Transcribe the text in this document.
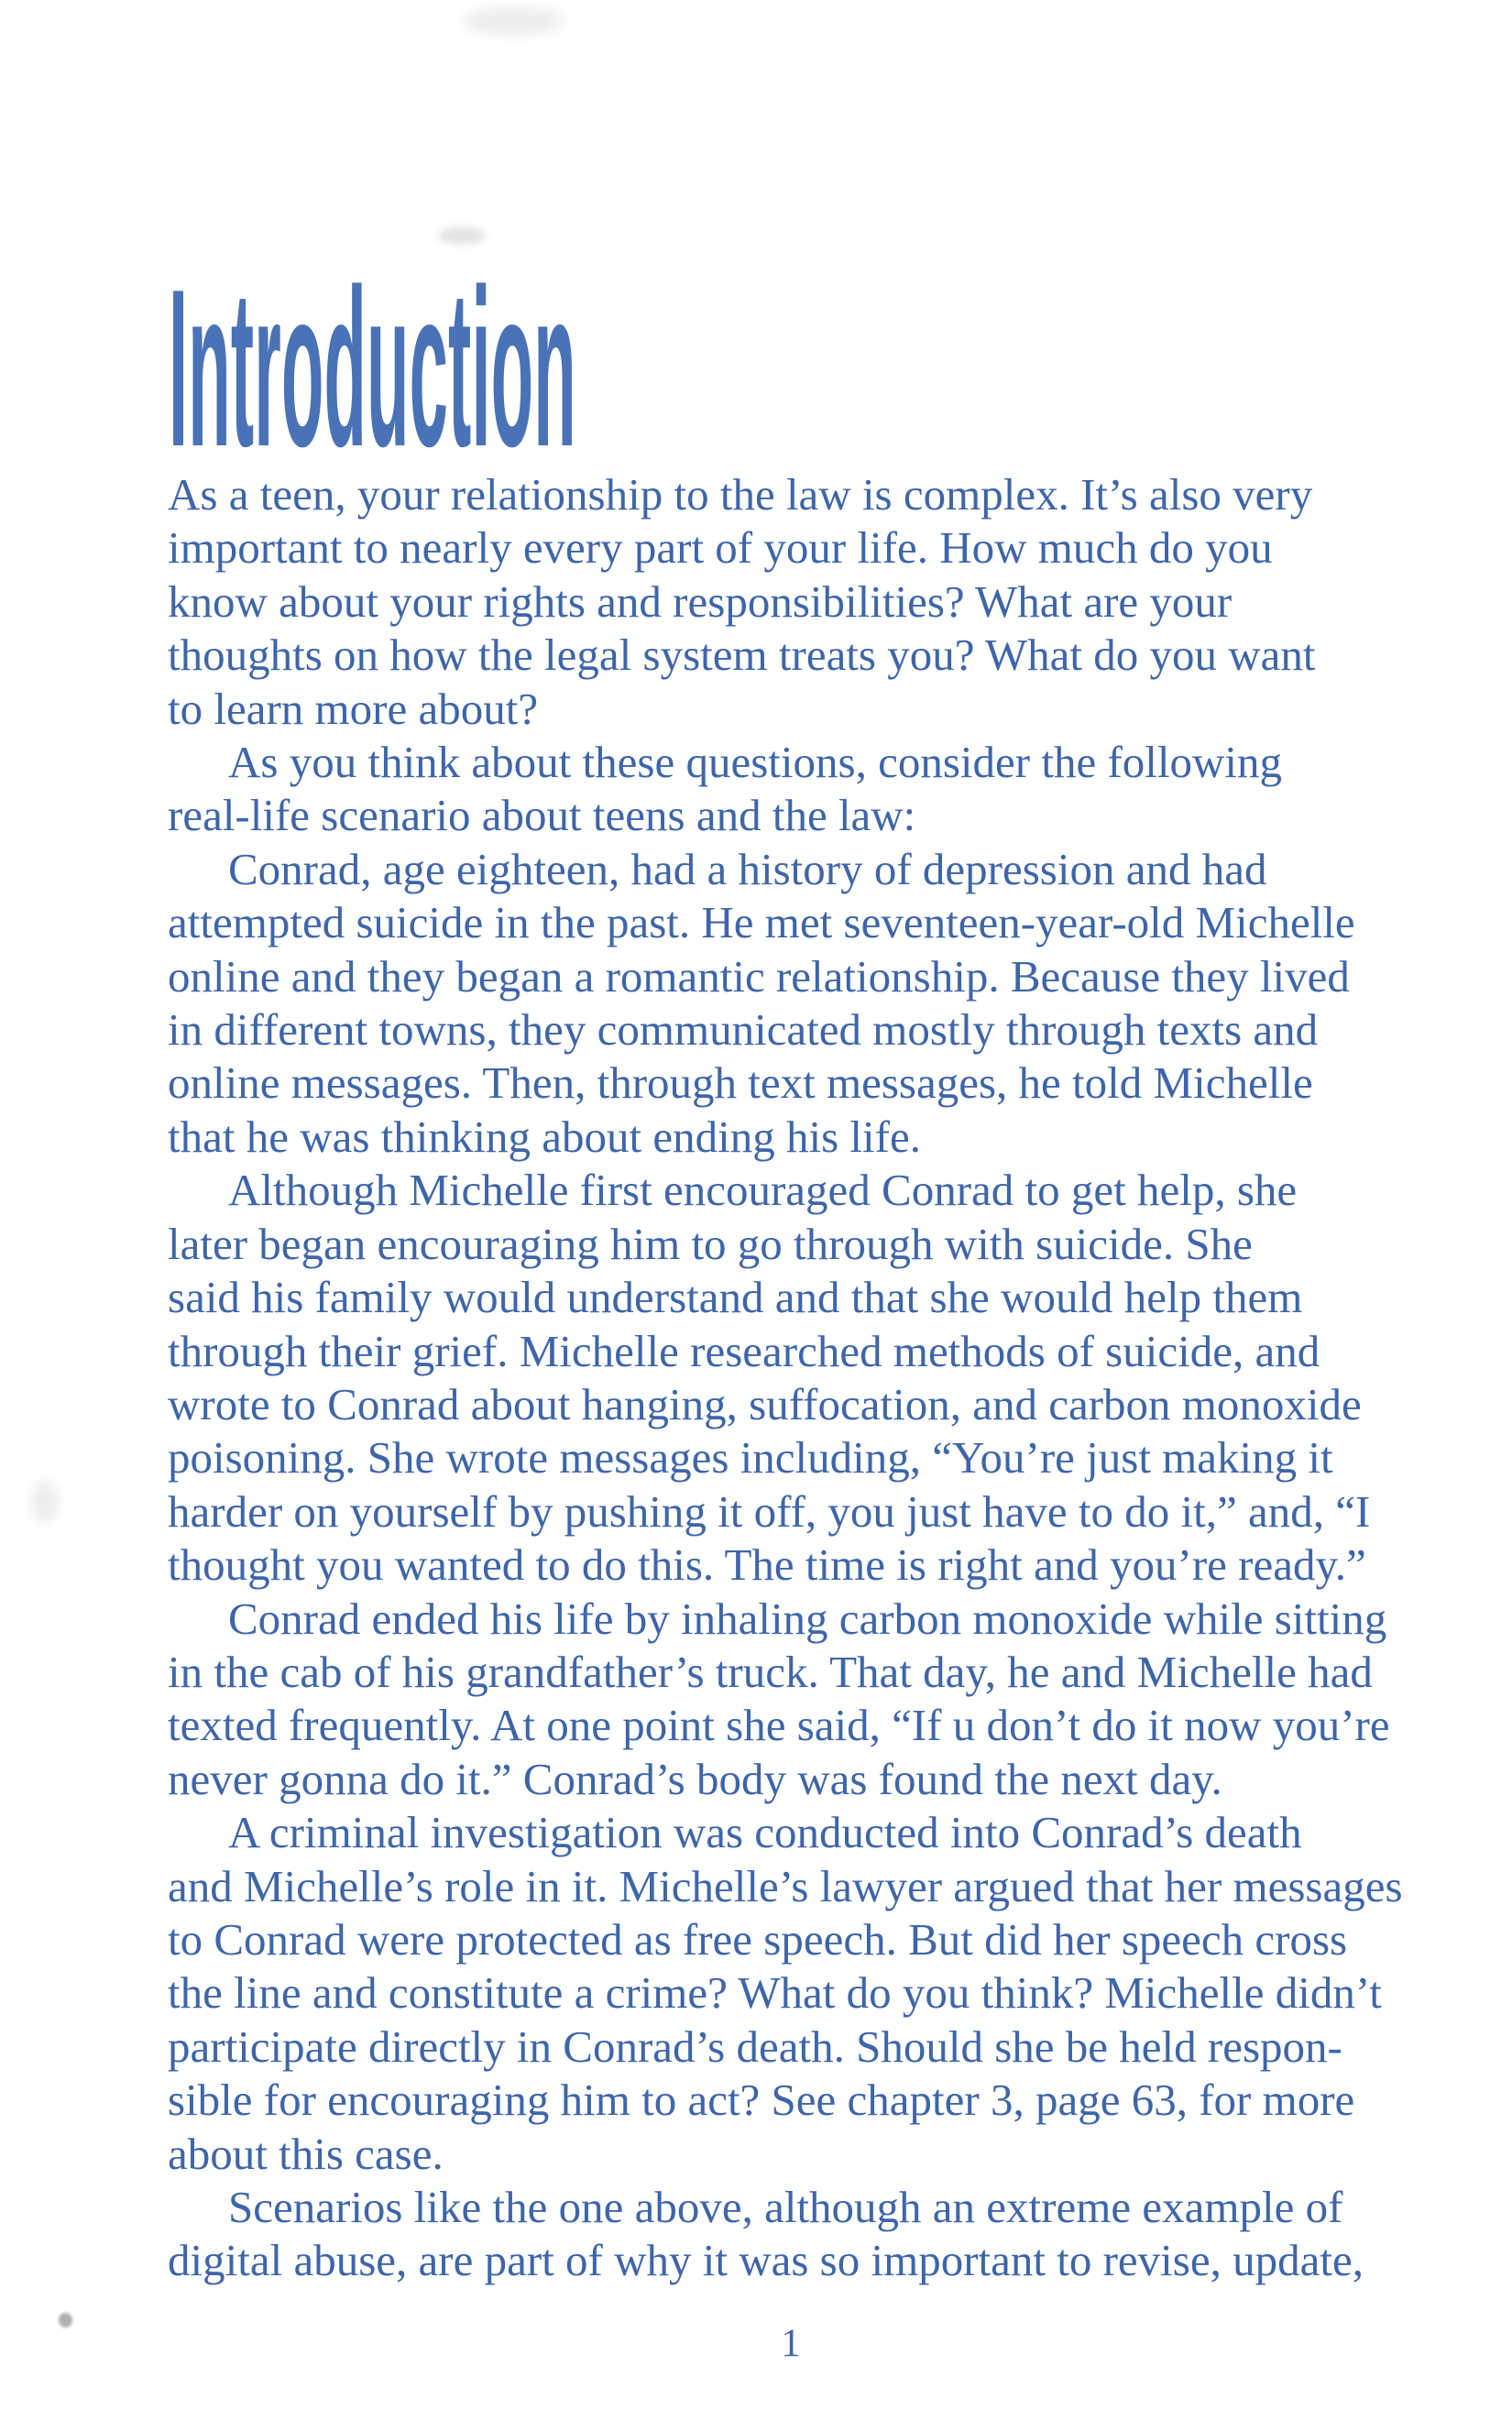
Introduction
As a teen, your relationship to the law is complex. It’s also very
important to nearly every part of your life. How much do you
know about your rights and responsibilities? What are your
thoughts on how the legal system treats you? What do you want
to learn more about?
As you think about these questions, consider the following
real-life scenario about teens and the law:
Conrad, age eighteen, had a history of depression and had
attempted suicide in the past. He met seventeen-year-old Michelle
online and they began a romantic relationship. Because they lived
in different towns, they communicated mostly through texts and
online messages. Then, through text messages, he told Michelle
that he was thinking about ending his life.
Although Michelle first encouraged Conrad to get help, she
later began encouraging him to go through with suicide. She
said his family would understand and that she would help them
through their grief. Michelle researched methods of suicide, and
wrote to Conrad about hanging, suffocation, and carbon monoxide
poisoning. She wrote messages including, “You’re just making it
harder on yourself by pushing it off, you just have to do it,” and, “I
thought you wanted to do this. The time is right and you’re ready.”
Conrad ended his life by inhaling carbon monoxide while sitting
in the cab of his grandfather’s truck. That day, he and Michelle had
texted frequently. At one point she said, “If u don’t do it now you’re
never gonna do it.” Conrad’s body was found the next day.
A criminal investigation was conducted into Conrad’s death
and Michelle’s role in it. Michelle’s lawyer argued that her messages
to Conrad were protected as free speech. But did her speech cross
the line and constitute a crime? What do you think? Michelle didn’t
participate directly in Conrad’s death. Should she be held respon-
sible for encouraging him to act? See chapter 3, page 63, for more
about this case.
Scenarios like the one above, although an extreme example of
digital abuse, are part of why it was so important to revise, update,
1
